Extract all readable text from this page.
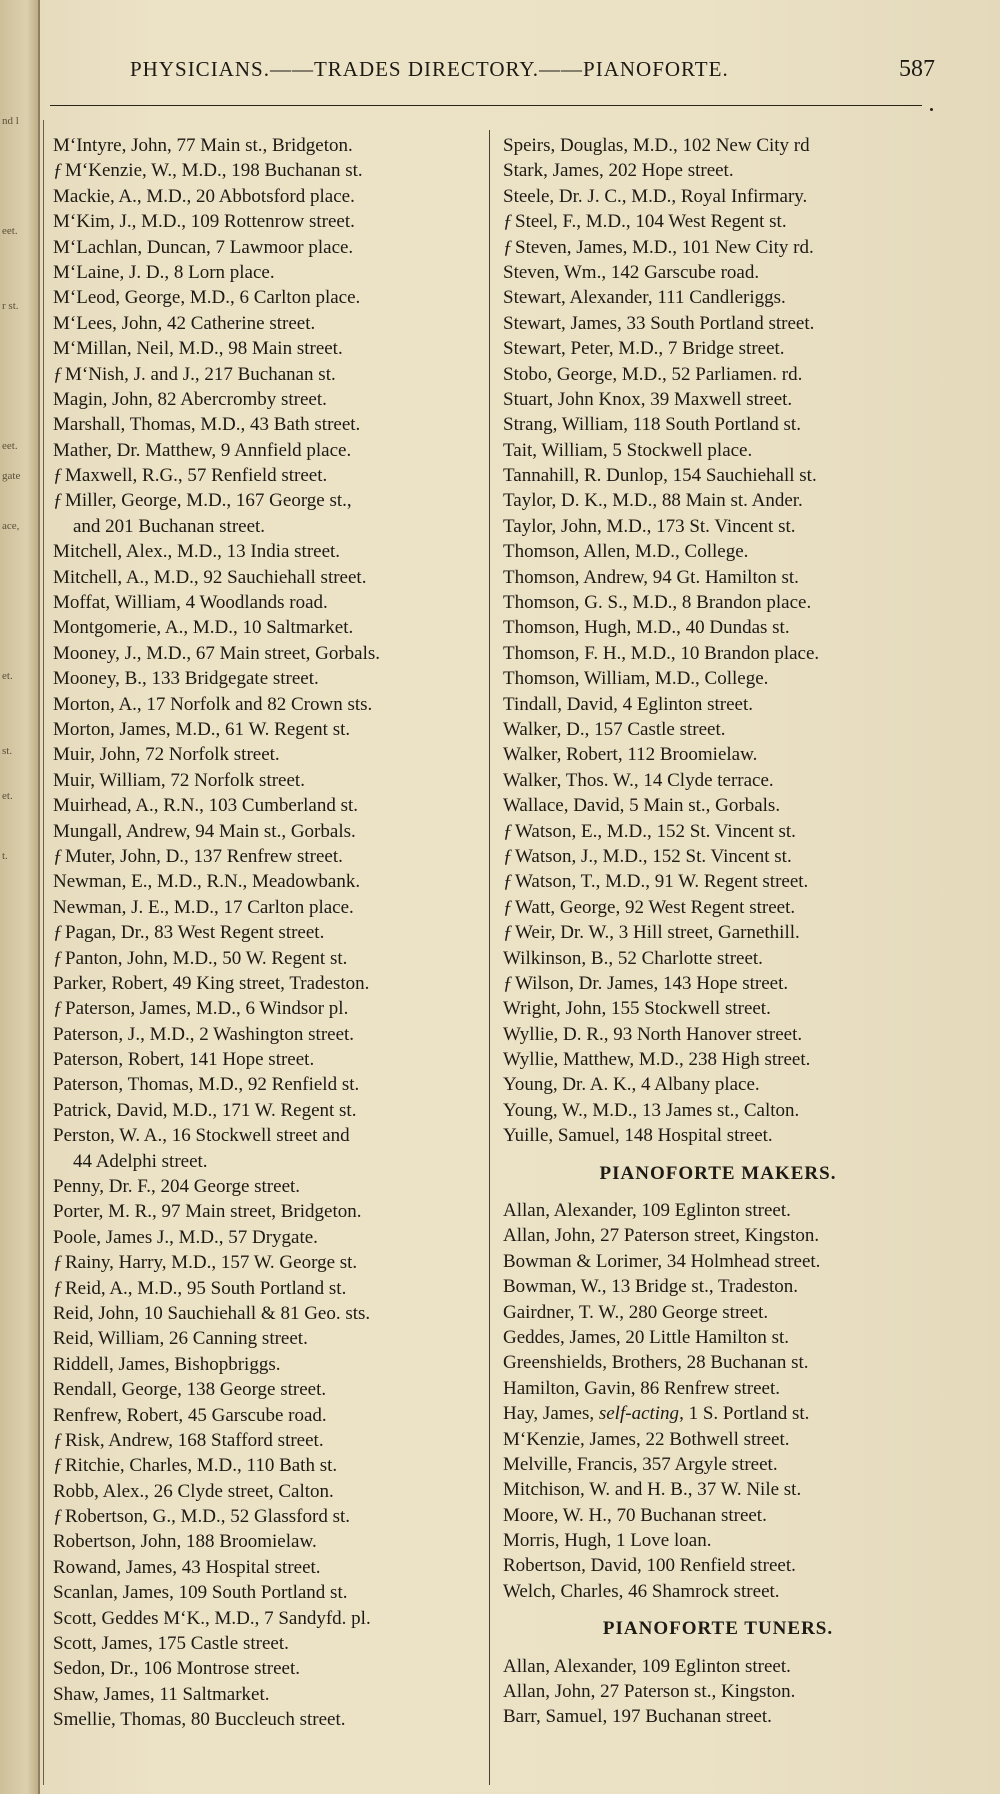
nd l
eet.
r st.
eet.
gate
ace,
et.
st.
et.
t.
PHYSICIANS.——TRADES DIRECTORY.——PIANOFORTE.	587
M‘Intyre, John, 77 Main st., Bridgeton.
ƒ M‘Kenzie, W., M.D., 198 Buchanan st.
Mackie, A., M.D., 20 Abbotsford place.
M‘Kim, J., M.D., 109 Rottenrow street.
M‘Lachlan, Duncan, 7 Lawmoor place.
M‘Laine, J. D., 8 Lorn place.
M‘Leod, George, M.D., 6 Carlton place.
M‘Lees, John, 42 Catherine street.
M‘Millan, Neil, M.D., 98 Main street.
ƒ M‘Nish, J. and J., 217 Buchanan st.
Magin, John, 82 Abercromby street.
Marshall, Thomas, M.D., 43 Bath street.
Mather, Dr. Matthew, 9 Annfield place.
ƒ Maxwell, R.G., 57 Renfield street.
ƒ Miller, George, M.D., 167 George st.,
and 201 Buchanan street.
Mitchell, Alex., M.D., 13 India street.
Mitchell, A., M.D., 92 Sauchiehall street.
Moffat, William, 4 Woodlands road.
Montgomerie, A., M.D., 10 Saltmarket.
Mooney, J., M.D., 67 Main street, Gorbals.
Mooney, B., 133 Bridgegate street.
Morton, A., 17 Norfolk and 82 Crown sts.
Morton, James, M.D., 61 W. Regent st.
Muir, John, 72 Norfolk street.
Muir, William, 72 Norfolk street.
Muirhead, A., R.N., 103 Cumberland st.
Mungall, Andrew, 94 Main st., Gorbals.
ƒ Muter, John, D., 137 Renfrew street.
Newman, E., M.D., R.N., Meadowbank.
Newman, J. E., M.D., 17 Carlton place.
ƒ Pagan, Dr., 83 West Regent street.
ƒ Panton, John, M.D., 50 W. Regent st.
Parker, Robert, 49 King street, Tradeston.
ƒ Paterson, James, M.D., 6 Windsor pl.
Paterson, J., M.D., 2 Washington street.
Paterson, Robert, 141 Hope street.
Paterson, Thomas, M.D., 92 Renfield st.
Patrick, David, M.D., 171 W. Regent st.
Perston, W. A., 16 Stockwell street and
44 Adelphi street.
Penny, Dr. F., 204 George street.
Porter, M. R., 97 Main street, Bridgeton.
Poole, James J., M.D., 57 Drygate.
ƒ Rainy, Harry, M.D., 157 W. George st.
ƒ Reid, A., M.D., 95 South Portland st.
Reid, John, 10 Sauchiehall & 81 Geo. sts.
Reid, William, 26 Canning street.
Riddell, James, Bishopbriggs.
Rendall, George, 138 George street.
Renfrew, Robert, 45 Garscube road.
ƒ Risk, Andrew, 168 Stafford street.
ƒ Ritchie, Charles, M.D., 110 Bath st.
Robb, Alex., 26 Clyde street, Calton.
ƒ Robertson, G., M.D., 52 Glassford st.
Robertson, John, 188 Broomielaw.
Rowand, James, 43 Hospital street.
Scanlan, James, 109 South Portland st.
Scott, Geddes M‘K., M.D., 7 Sandyfd. pl.
Scott, James, 175 Castle street.
Sedon, Dr., 106 Montrose street.
Shaw, James, 11 Saltmarket.
Smellie, Thomas, 80 Buccleuch street.
Speirs, Douglas, M.D., 102 New City rd
Stark, James, 202 Hope street.
Steele, Dr. J. C., M.D., Royal Infirmary.
ƒ Steel, F., M.D., 104 West Regent st.
ƒ Steven, James, M.D., 101 New City rd.
Steven, Wm., 142 Garscube road.
Stewart, Alexander, 111 Candleriggs.
Stewart, James, 33 South Portland street.
Stewart, Peter, M.D., 7 Bridge street.
Stobo, George, M.D., 52 Parliamen. rd.
Stuart, John Knox, 39 Maxwell street.
Strang, William, 118 South Portland st.
Tait, William, 5 Stockwell place.
Tannahill, R. Dunlop, 154 Sauchiehall st.
Taylor, D. K., M.D., 88 Main st. Ander.
Taylor, John, M.D., 173 St. Vincent st.
Thomson, Allen, M.D., College.
Thomson, Andrew, 94 Gt. Hamilton st.
Thomson, G. S., M.D., 8 Brandon place.
Thomson, Hugh, M.D., 40 Dundas st.
Thomson, F. H., M.D., 10 Brandon place.
Thomson, William, M.D., College.
Tindall, David, 4 Eglinton street.
Walker, D., 157 Castle street.
Walker, Robert, 112 Broomielaw.
Walker, Thos. W., 14 Clyde terrace.
Wallace, David, 5 Main st., Gorbals.
ƒ Watson, E., M.D., 152 St. Vincent st.
ƒ Watson, J., M.D., 152 St. Vincent st.
ƒ Watson, T., M.D., 91 W. Regent street.
ƒ Watt, George, 92 West Regent street.
ƒ Weir, Dr. W., 3 Hill street, Garnethill.
Wilkinson, B., 52 Charlotte street.
ƒ Wilson, Dr. James, 143 Hope street.
Wright, John, 155 Stockwell street.
Wyllie, D. R., 93 North Hanover street.
Wyllie, Matthew, M.D., 238 High street.
Young, Dr. A. K., 4 Albany place.
Young, W., M.D., 13 James st., Calton.
Yuille, Samuel, 148 Hospital street.
PIANOFORTE MAKERS.
Allan, Alexander, 109 Eglinton street.
Allan, John, 27 Paterson street, Kingston.
Bowman & Lorimer, 34 Holmhead street.
Bowman, W., 13 Bridge st., Tradeston.
Gairdner, T. W., 280 George street.
Geddes, James, 20 Little Hamilton st.
Greenshields, Brothers, 28 Buchanan st.
Hamilton, Gavin, 86 Renfrew street.
Hay, James, self-acting, 1 S. Portland st.
M‘Kenzie, James, 22 Bothwell street.
Melville, Francis, 357 Argyle street.
Mitchison, W. and H. B., 37 W. Nile st.
Moore, W. H., 70 Buchanan street.
Morris, Hugh, 1 Love loan.
Robertson, David, 100 Renfield street.
Welch, Charles, 46 Shamrock street.
PIANOFORTE TUNERS.
Allan, Alexander, 109 Eglinton street.
Allan, John, 27 Paterson st., Kingston.
Barr, Samuel, 197 Buchanan street.
